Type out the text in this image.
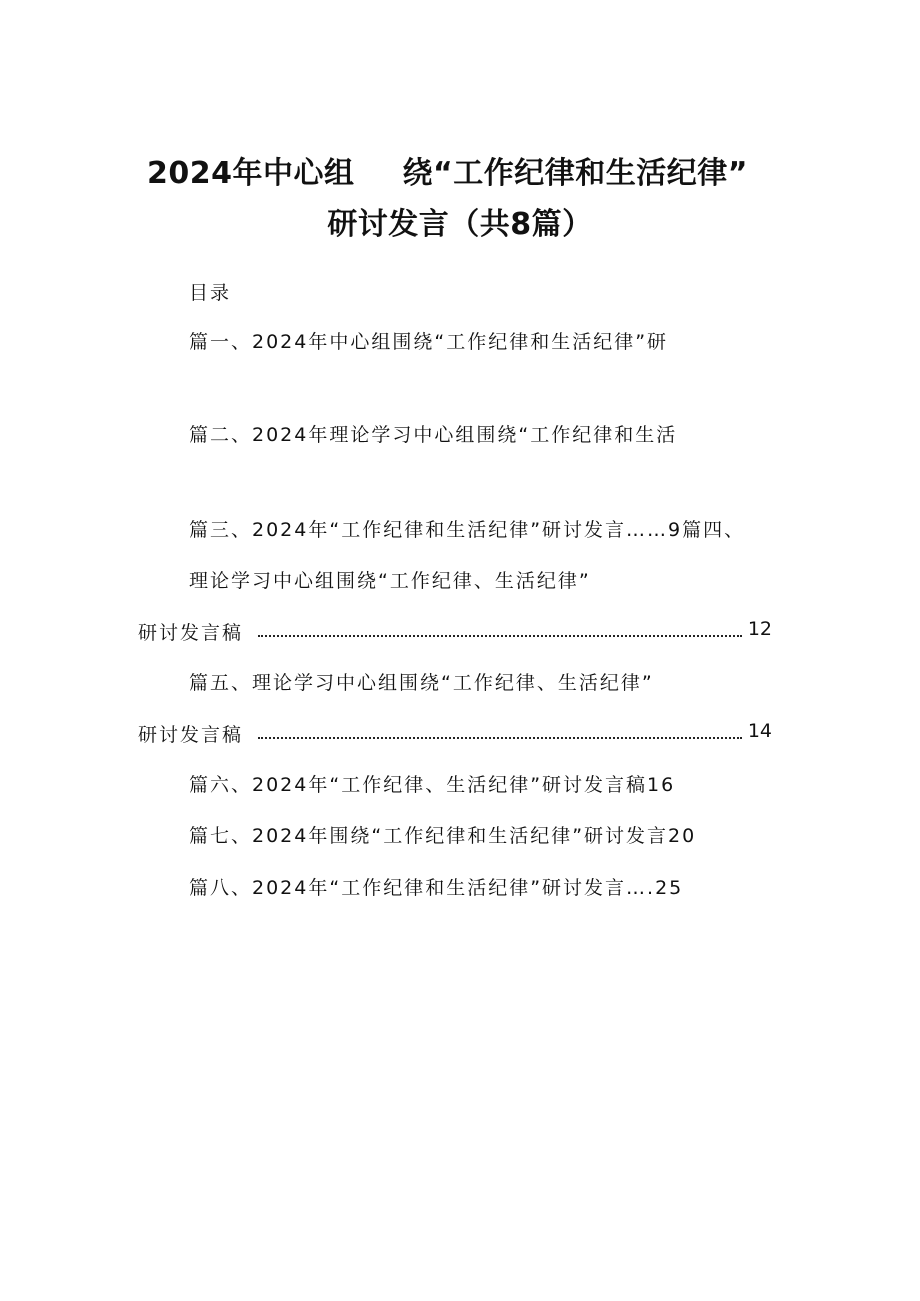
2024年中心组 绕“工作纪律和生活纪律”
研讨发言（共8篇）
目录
篇一、2024年中心组围绕“工作纪律和生活纪律”研
篇二、2024年理论学习中心组围绕“工作纪律和生活
篇三、2024年“工作纪律和生活纪律”研讨发言……9篇四、
理论学习中心组围绕“工作纪律、生活纪律”
研讨发言稿	12
篇五、理论学习中心组围绕“工作纪律、生活纪律”
研讨发言稿	14
篇六、2024年“工作纪律、生活纪律”研讨发言稿16
篇七、2024年围绕“工作纪律和生活纪律”研讨发言20
篇八、2024年“工作纪律和生活纪律”研讨发言….25
